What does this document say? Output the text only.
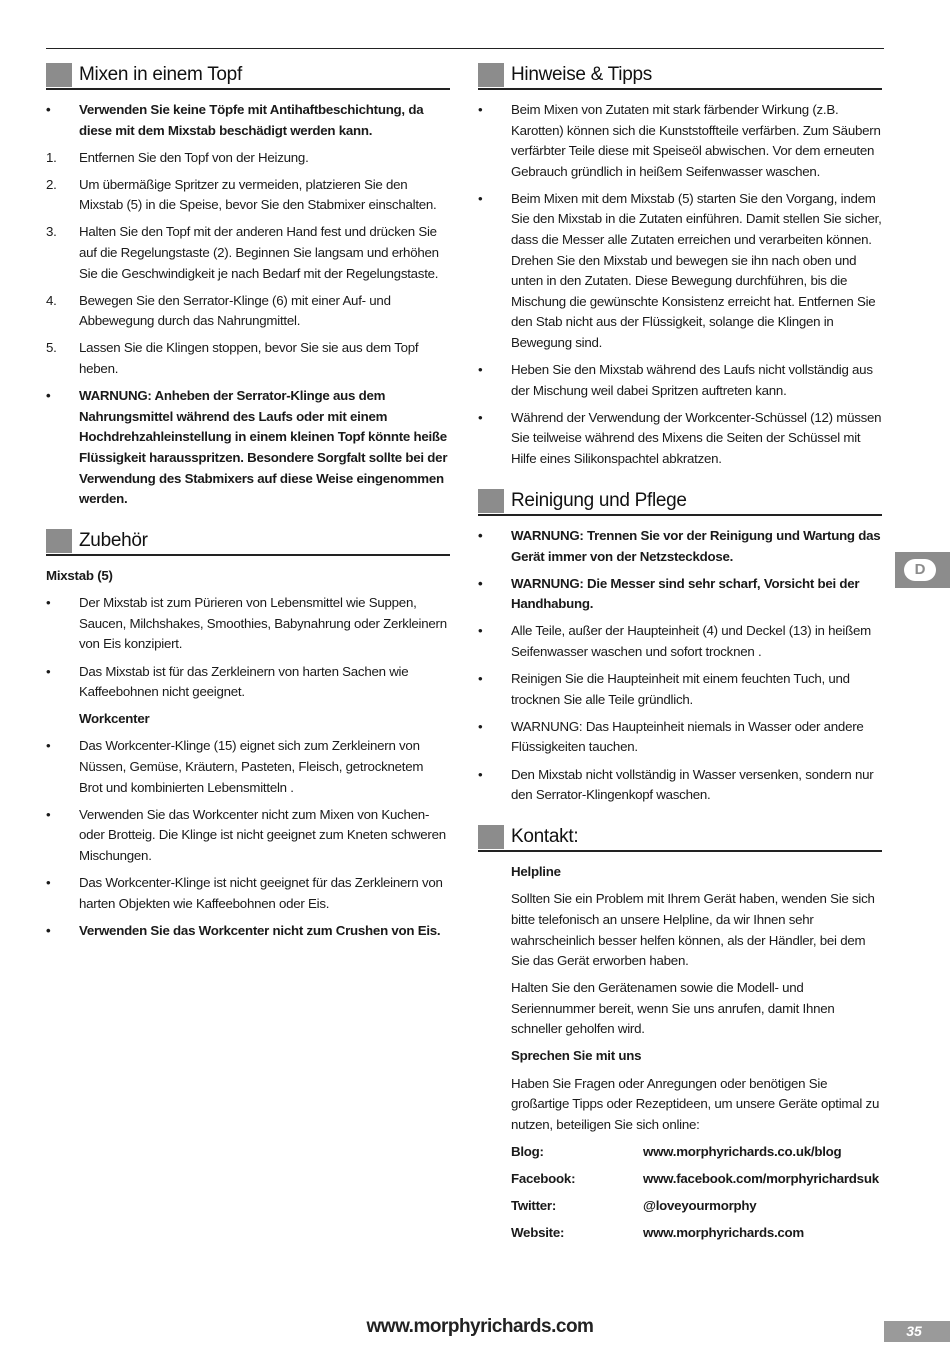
Mixen in einem Topf
•	Verwenden Sie keine Töpfe mit Antihaftbeschichtung, da diese mit dem Mixstab beschädigt werden kann.
1.	Entfernen Sie den Topf von der Heizung.
2.	Um übermäßige Spritzer zu vermeiden, platzieren Sie den Mixstab (5) in die Speise, bevor Sie den Stabmixer einschalten.
3.	Halten Sie den Topf mit der anderen Hand fest und drücken Sie auf die Regelungstaste (2). Beginnen Sie langsam und erhöhen Sie die Geschwindigkeit je nach Bedarf mit der Regelungstaste.
4.	Bewegen Sie den Serrator-Klinge (6) mit einer Auf- und Abbewegung durch das Nahrungmittel.
5.	Lassen Sie die Klingen stoppen, bevor Sie sie aus dem Topf heben.
•	WARNUNG: Anheben der Serrator-Klinge aus dem Nahrungsmittel während des Laufs oder mit einem Hochdrehzahleinstellung in einem kleinen Topf könnte heiße Flüssigkeit harausspritzen. Besondere Sorgfalt sollte bei der Verwendung des Stabmixers auf diese Weise eingenommen werden.
Zubehör
Mixstab (5)
•	Der Mixstab ist zum Pürieren von Lebensmittel wie Suppen, Saucen, Milchshakes, Smoothies, Babynahrung oder Zerkleinern von Eis konzipiert.
•	Das Mixstab ist für das Zerkleinern von harten Sachen wie Kaffeebohnen nicht geeignet.
Workcenter
•	Das Workcenter-Klinge (15) eignet sich zum Zerkleinern von Nüssen, Gemüse, Kräutern, Pasteten, Fleisch, getrocknetem Brot und kombinierten Lebensmitteln .
•	Verwenden Sie das Workcenter nicht zum Mixen von Kuchen- oder Brotteig. Die Klinge ist nicht geeignet zum Kneten schweren Mischungen.
•	Das Workcenter-Klinge ist nicht geeignet für das Zerkleinern von harten Objekten wie Kaffeebohnen oder Eis.
•	Verwenden Sie das Workcenter nicht zum Crushen von Eis.
Hinweise & Tipps
•	Beim Mixen von Zutaten mit stark färbender Wirkung (z.B. Karotten) können sich die Kunststoffteile verfärben. Zum Säubern verfärbter Teile diese mit Speiseöl abwischen. Vor dem erneuten Gebrauch gründlich in heißem Seifenwasser waschen.
•	Beim Mixen mit dem Mixstab (5) starten Sie den Vorgang, indem Sie den Mixstab in die Zutaten einführen. Damit stellen Sie sicher, dass die Messer alle Zutaten erreichen und verarbeiten können.
Drehen Sie den Mixstab und bewegen sie ihn nach oben und unten in den Zutaten. Diese Bewegung durchführen, bis die Mischung die gewünschte Konsistenz erreicht hat. Entfernen Sie den Stab nicht aus der Flüssigkeit, solange die Klingen in Bewegung sind.
•	Heben Sie den Mixstab während des Laufs nicht vollständig aus der Mischung weil dabei Spritzen auftreten kann.
•	Während der Verwendung der Workcenter-Schüssel (12) müssen Sie teilweise während des Mixens die Seiten der Schüssel mit Hilfe eines Silikonspachtel abkratzen.
Reinigung und Pflege
•	WARNUNG: Trennen Sie vor der Reinigung und Wartung das Gerät immer von der Netzsteckdose.
•	WARNUNG: Die Messer sind sehr scharf, Vorsicht bei der Handhabung.
•	Alle Teile, außer der Haupteinheit (4) und Deckel (13) in heißem Seifenwasser waschen und sofort trocknen .
•	Reinigen Sie die Haupteinheit mit einem feuchten Tuch, und trocknen Sie alle Teile gründlich.
•	WARNUNG: Das Haupteinheit niemals in Wasser oder andere Flüssigkeiten tauchen.
•	Den Mixstab nicht vollständig in Wasser versenken, sondern nur den Serrator-Klingenkopf waschen.
Kontakt:
Helpline
Sollten Sie ein Problem mit Ihrem Gerät haben, wenden Sie sich bitte telefonisch an unsere Helpline, da wir Ihnen sehr wahrscheinlich besser helfen können, als der Händler, bei dem Sie das Gerät erworben haben.
Halten Sie den Gerätenamen sowie die Modell- und Seriennummer bereit, wenn Sie uns anrufen, damit Ihnen schneller geholfen wird.
Sprechen Sie mit uns
Haben Sie Fragen oder Anregungen oder benötigen Sie großartige Tipps oder Rezeptideen, um unsere Geräte optimal zu nutzen, beteiligen Sie sich online:
Blog:	www.morphyrichards.co.uk/blog
Facebook:	www.facebook.com/morphyrichardsuk
Twitter:	@loveyourmorphy
Website:	www.morphyrichards.com
D
www.morphyrichards.com	35
